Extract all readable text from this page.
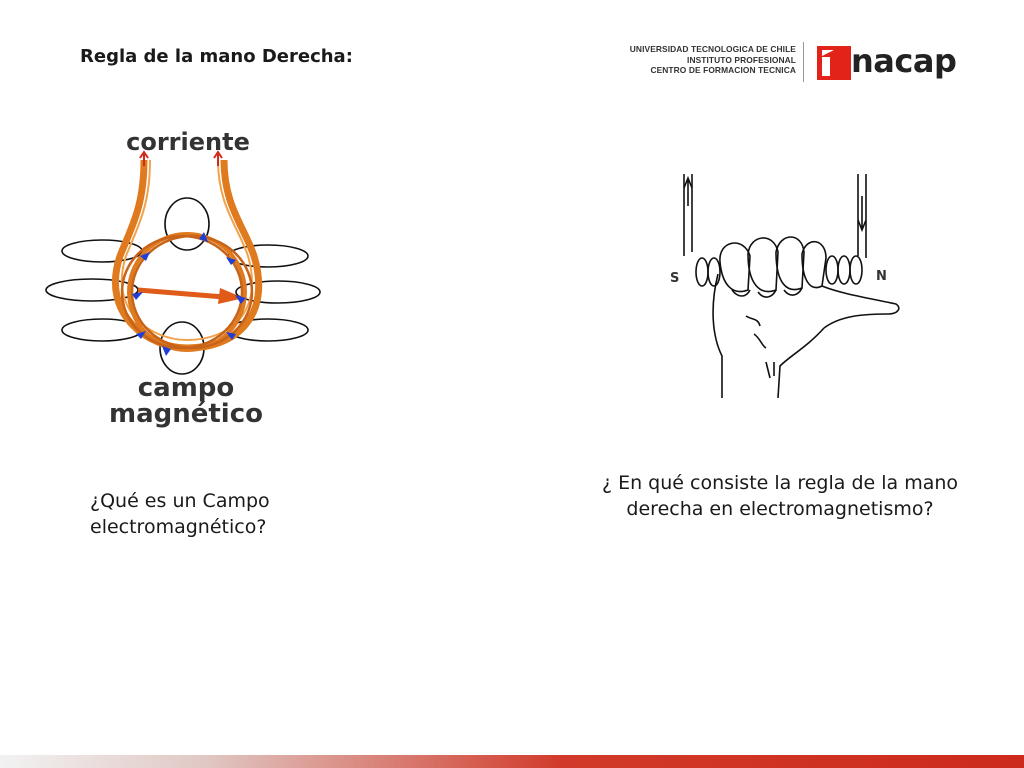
Regla de la mano Derecha:	UNIVERSIDAD TECNOLOGICA DE CHILE
INSTITUTO PROFESIONAL
CENTRO DE FORMACION TECNICA nacap
corriente
campo
magnético
S	N

¿Qué es un Campo electromagnético?

¿ En qué consiste la regla de la mano derecha en electromagnetismo?
